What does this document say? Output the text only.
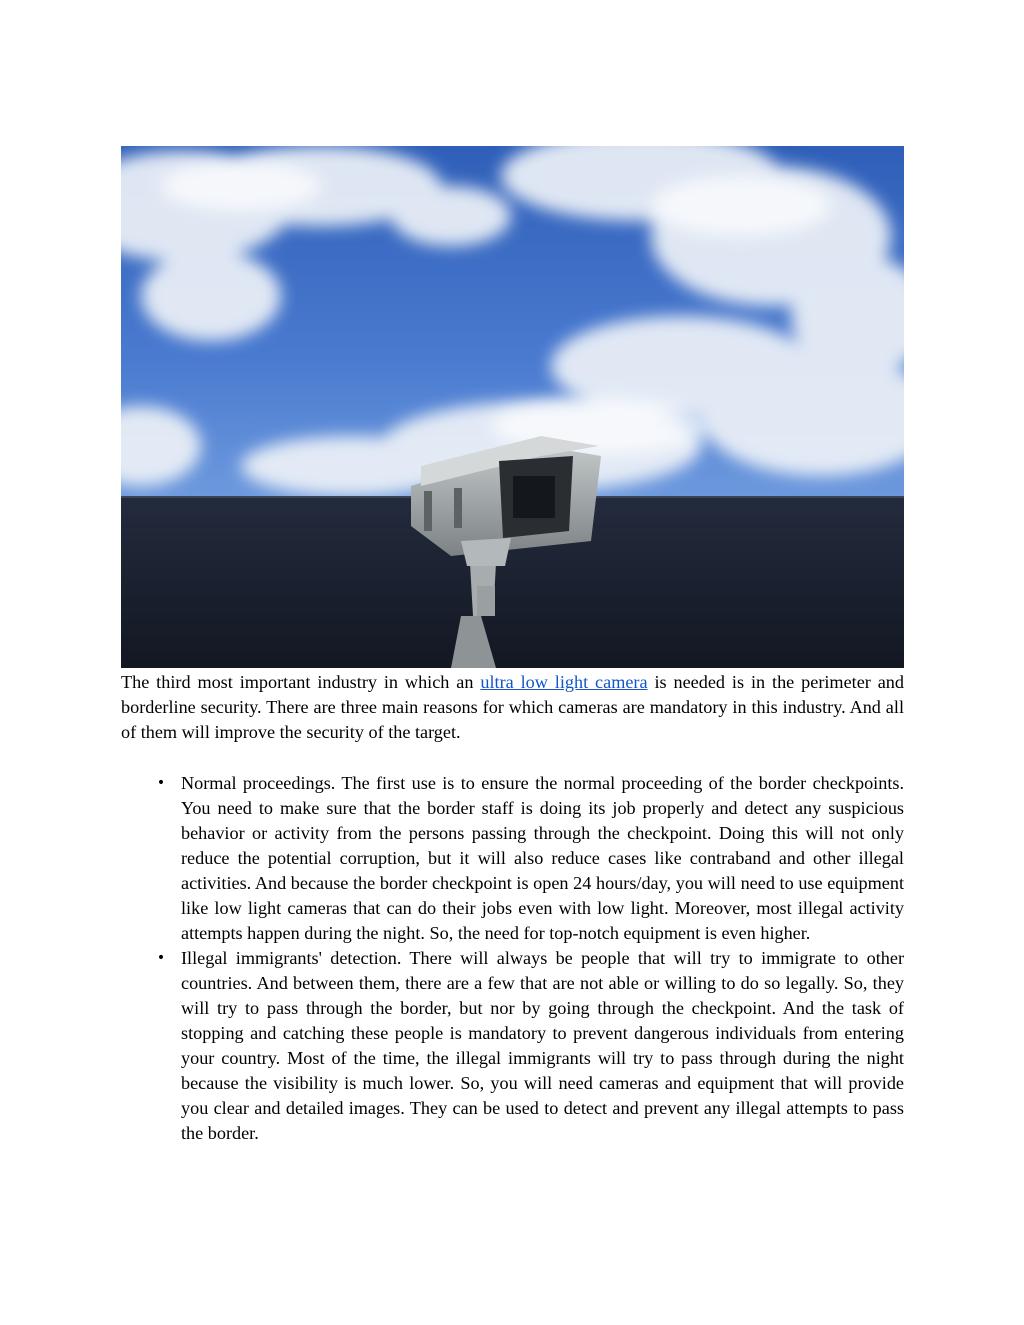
The third most important industry in which an ultra low light camera is needed is in the perimeter and borderline security. There are three main reasons for which cameras are mandatory in this industry. And all of them will improve the security of the target.

• Normal proceedings. The first use is to ensure the normal proceeding of the border checkpoints. You need to make sure that the border staff is doing its job properly and detect any suspicious behavior or activity from the persons passing through the checkpoint. Doing this will not only reduce the potential corruption, but it will also reduce cases like contraband and other illegal activities. And because the border checkpoint is open 24 hours/day, you will need to use equipment like low light cameras that can do their jobs even with low light. Moreover, most illegal activity attempts happen during the night. So, the need for top-notch equipment is even higher.
• Illegal immigrants' detection. There will always be people that will try to immigrate to other countries. And between them, there are a few that are not able or willing to do so legally. So, they will try to pass through the border, but nor by going through the checkpoint. And the task of stopping and catching these people is mandatory to prevent dangerous individuals from entering your country. Most of the time, the illegal immigrants will try to pass through during the night because the visibility is much lower. So, you will need cameras and equipment that will provide you clear and detailed images. They can be used to detect and prevent any illegal attempts to pass the border.
